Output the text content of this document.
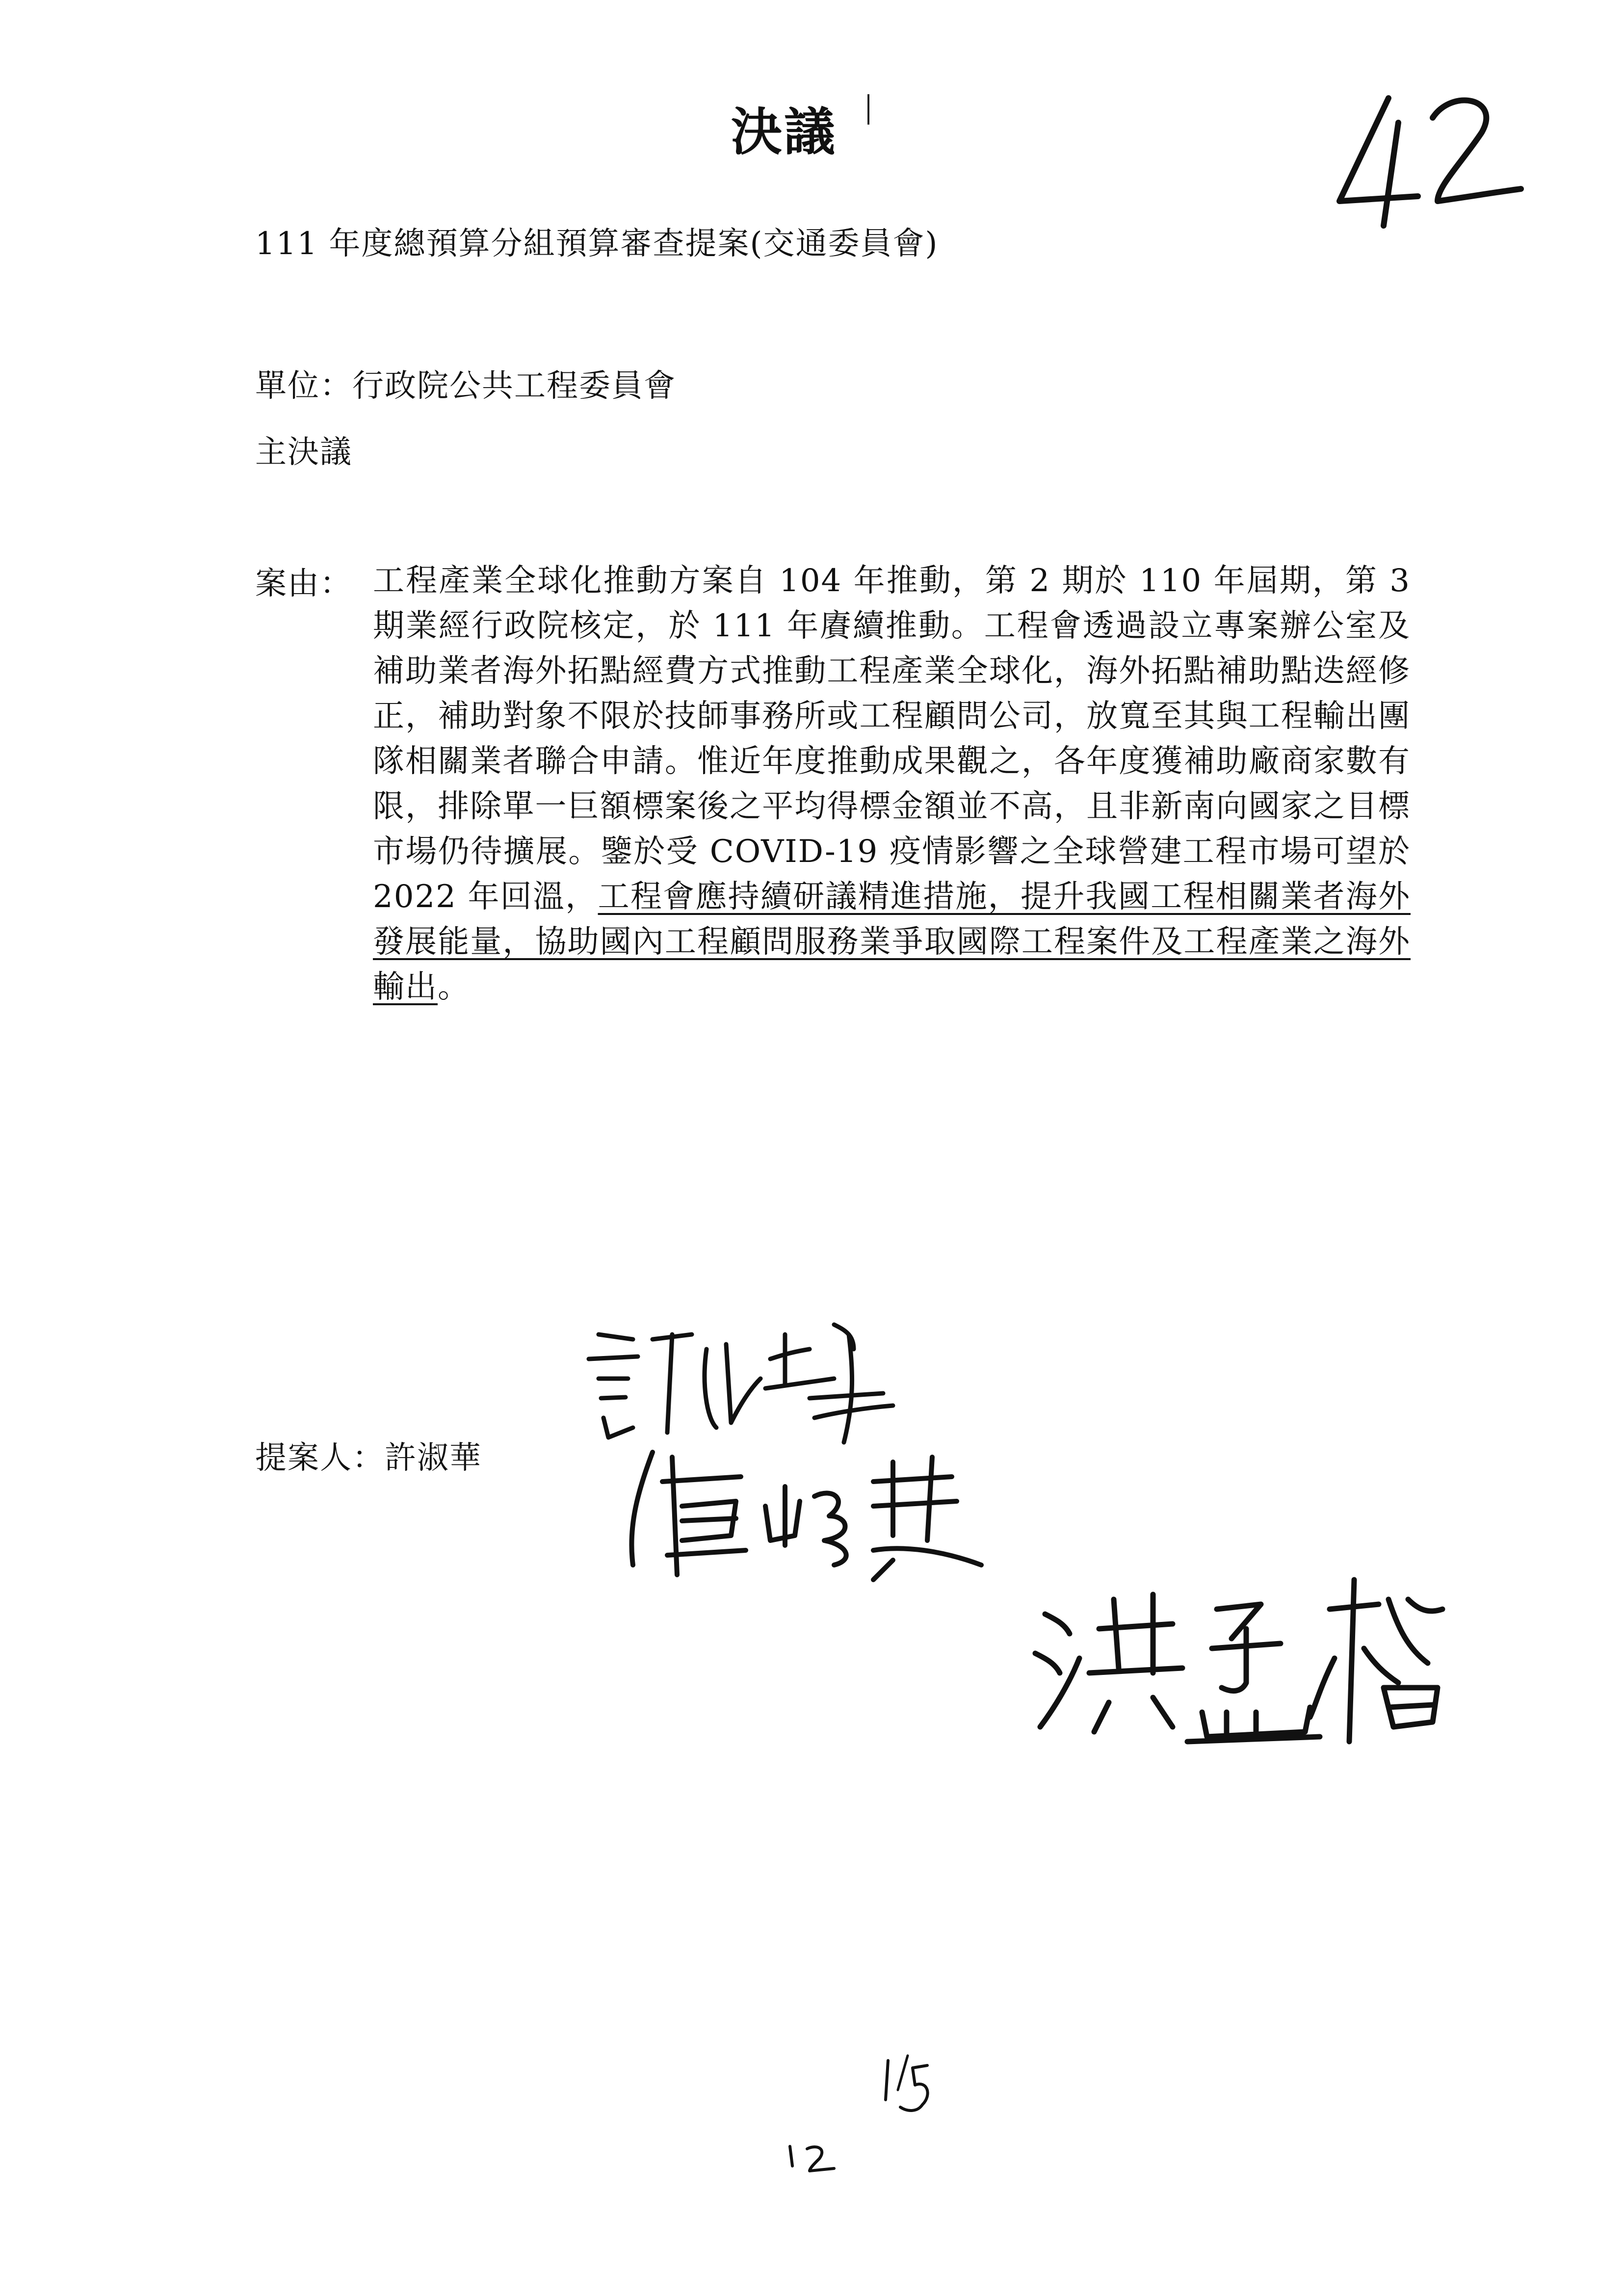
決議
111 年度總預算分組預算審查提案(交通委員會)
單位：行政院公共工程委員會
主決議
案由： 工程產業全球化推動方案自 104 年推動，第 2 期於 110 年屆期，第 3 期業經行政院核定，於 111 年賡續推動。工程會透過設立專案辦公室及補助業者海外拓點經費方式推動工程產業全球化，海外拓點補助點迭經修正，補助對象不限於技師事務所或工程顧問公司，放寬至其與工程輸出團隊相關業者聯合申請。惟近年度推動成果觀之，各年度獲補助廠商家數有限，排除單一巨額標案後之平均得標金額並不高，且非新南向國家之目標市場仍待擴展。鑒於受 COVID-19 疫情影響之全球營建工程市場可望於 2022 年回溫，工程會應持續研議精進措施，提升我國工程相關業者海外發展能量，協助國內工程顧問服務業爭取國際工程案件及工程產業之海外輸出。

提案人：許淑華
